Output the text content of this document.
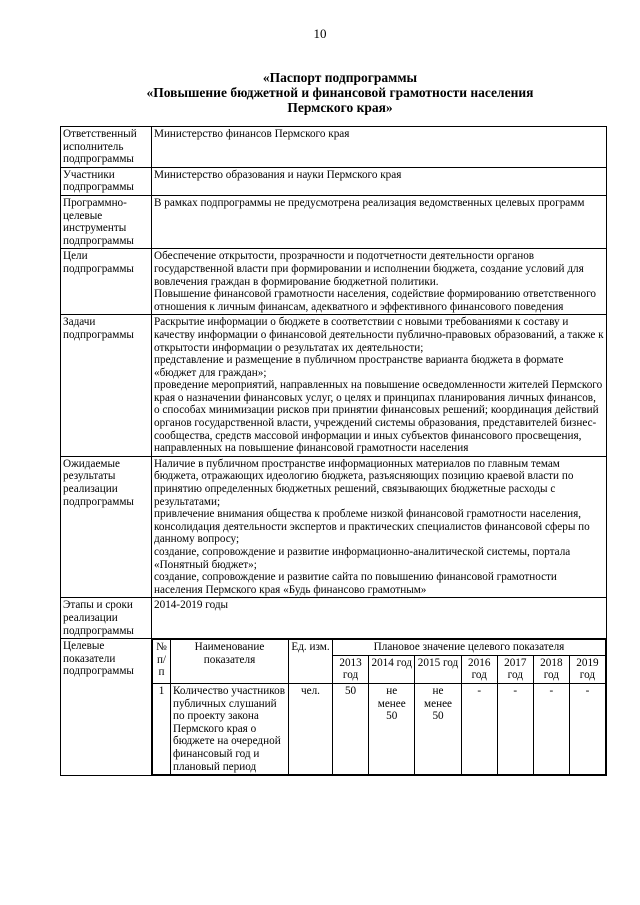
10
«Паспорт подпрограммы
«Повышение бюджетной и финансовой грамотности населения
Пермского края»
Ответственный исполнитель подпрограммы	
Министерство финансов Пермского края

Участники подпрограммы	
Министерство образования и науки Пермского края

Программно-целевые инструменты подпрограммы	
В рамках подпрограммы не предусмотрена реализация ведомственных целевых программ

Цели подпрограммы	
Обеспечение открытости, прозрачности и подотчетности деятельности органов государственной власти при формировании и исполнении бюджета, создание условий для вовлечения граждан в формирование бюджетной политики.
Повышение финансовой грамотности населения, содействие формированию ответственного отношения к личным финансам, адекватного и эффективного финансового поведения

Задачи подпрограммы	
Раскрытие информации о бюджете в соответствии с новыми требованиями к составу и качеству информации о финансовой деятельности публично-правовых образований, а также к открытости информации о результатах их деятельности;
представление и размещение в публичном пространстве варианта бюджета в формате «бюджет для граждан»;
проведение мероприятий, направленных на повышение осведомленности жителей Пермского края о назначении финансовых услуг, о целях и принципах планирования личных финансов, о способах минимизации рисков при принятии финансовых решений; координация действий органов государственной власти, учреждений системы образования, представителей бизнес-сообщества, средств массовой информации и иных субъектов финансового просвещения, направленных на повышение финансовой грамотности населения

Ожидаемые результаты реализации подпрограммы	
Наличие в публичном пространстве информационных материалов по главным темам бюджета, отражающих идеологию бюджета, разъясняющих позицию краевой власти по принятию определенных бюджетных решений, связывающих бюджетные расходы с результатами;
привлечение внимания общества к проблеме низкой финансовой грамотности населения, консолидация деятельности экспертов и практических специалистов финансовой сферы по данному вопросу;
создание, сопровождение и развитие информационно-аналитической системы, портала «Понятный бюджет»;
создание, сопровождение и развитие сайта по повышению финансовой грамотности населения Пермского края «Будь финансово грамотным»

Этапы и сроки реализации подпрограммы	
2014-2019 годы

Целевые показатели подпрограммы	
№ п/п	Наименование показателя	Ед. изм.	Плановое значение целевого показателя
2013 год	2014 год	2015 год	2016 год	2017 год	2018 год	2019 год
1	Количество участников публичных слушаний по проекту закона Пермского края о бюджете на очередной финансовый год и плановый период	чел.	50	не менее 50	не менее 50	-	-	-	-
